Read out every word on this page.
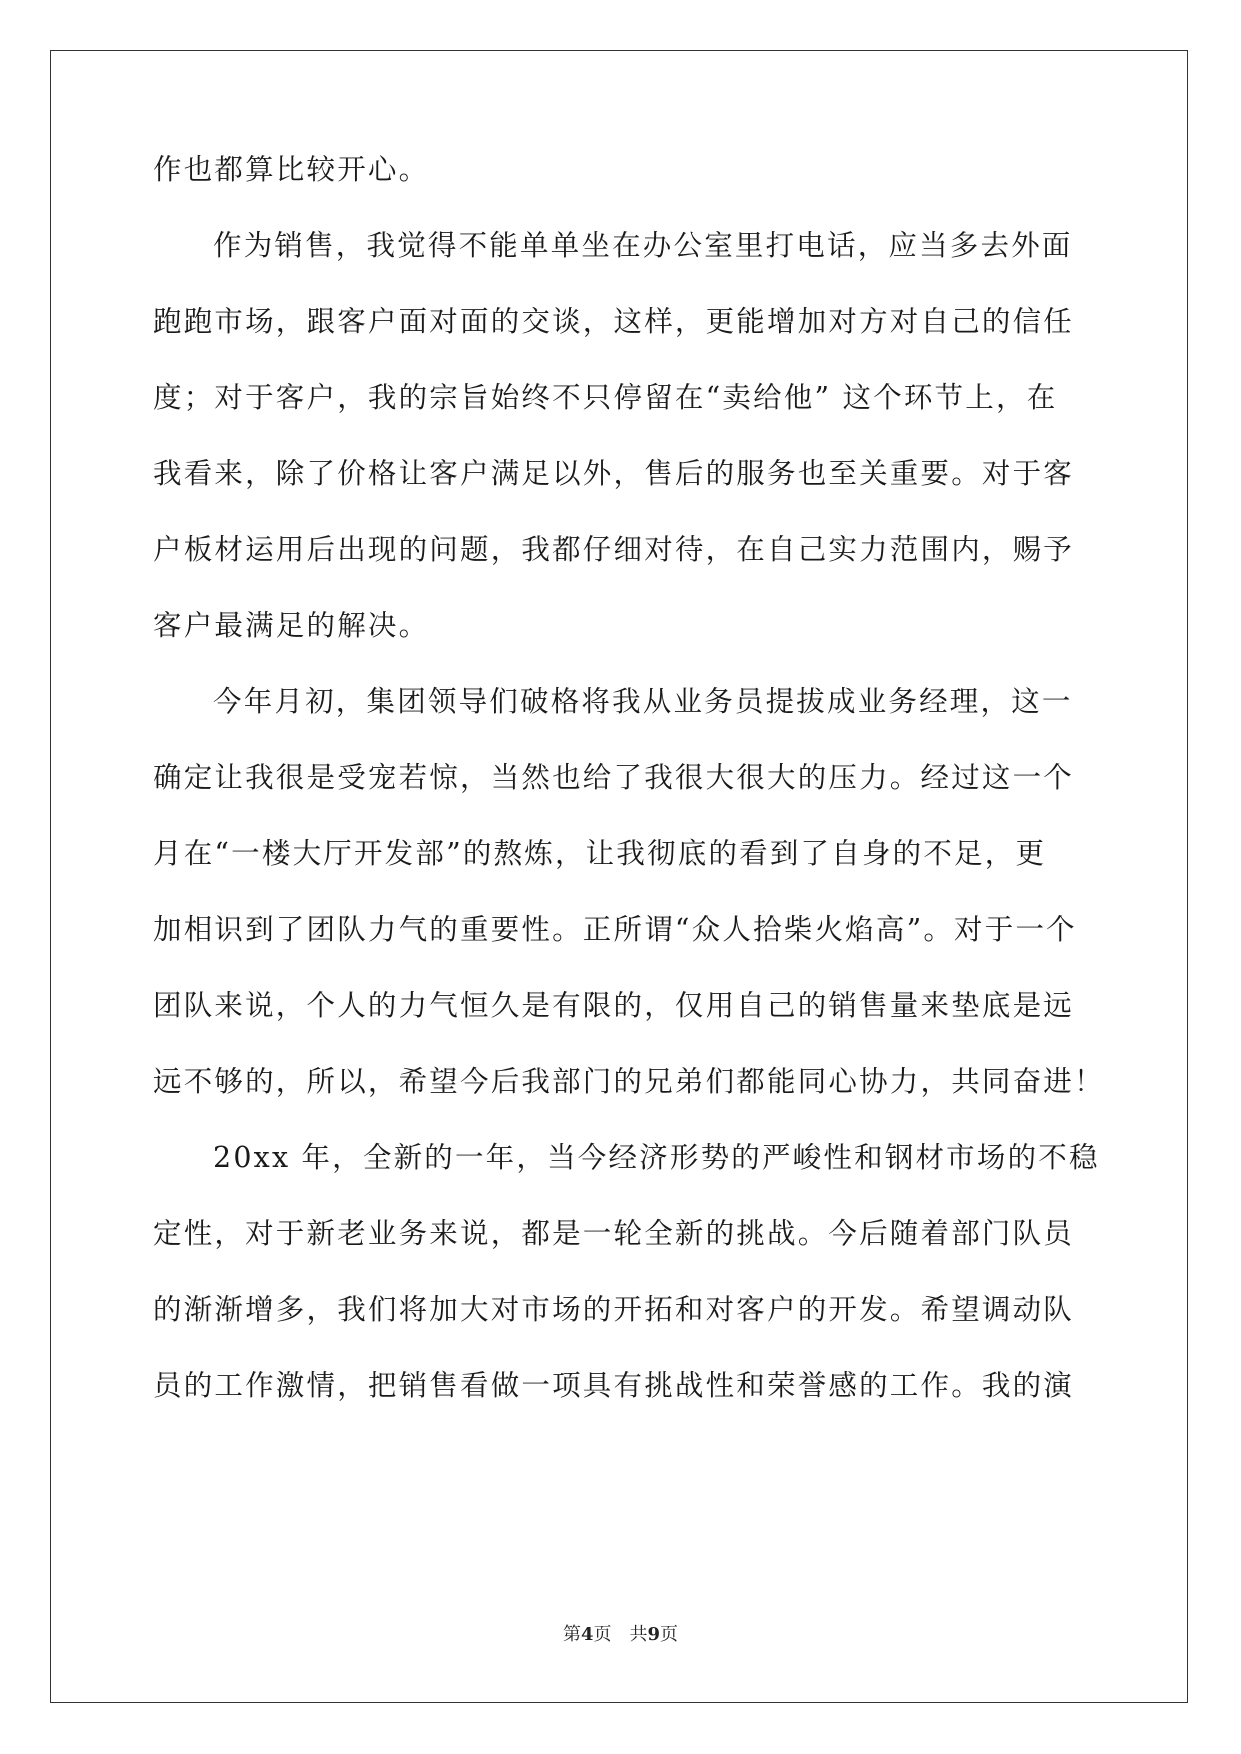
作也都算比较开心。
作为销售，我觉得不能单单坐在办公室里打电话，应当多去外面
跑跑市场，跟客户面对面的交谈，这样，更能增加对方对自己的信任
度；对于客户，我的宗旨始终不只停留在“卖给他” 这个环节上，在
我看来，除了价格让客户满足以外，售后的服务也至关重要。对于客
户板材运用后出现的问题，我都仔细对待，在自己实力范围内，赐予
客户最满足的解决。
今年月初，集团领导们破格将我从业务员提拔成业务经理，这一
确定让我很是受宠若惊，当然也给了我很大很大的压力。经过这一个
月在“一楼大厅开发部”的熬炼，让我彻底的看到了自身的不足，更
加相识到了团队力气的重要性。正所谓“众人拾柴火焰高”。对于一个
团队来说，个人的力气恒久是有限的，仅用自己的销售量来垫底是远
远不够的，所以，希望今后我部门的兄弟们都能同心协力，共同奋进！
20xx 年，全新的一年，当今经济形势的严峻性和钢材市场的不稳
定性，对于新老业务来说，都是一轮全新的挑战。今后随着部门队员
的渐渐增多，我们将加大对市场的开拓和对客户的开发。希望调动队
员的工作激情，把销售看做一项具有挑战性和荣誉感的工作。我的演
第4页 共9页
